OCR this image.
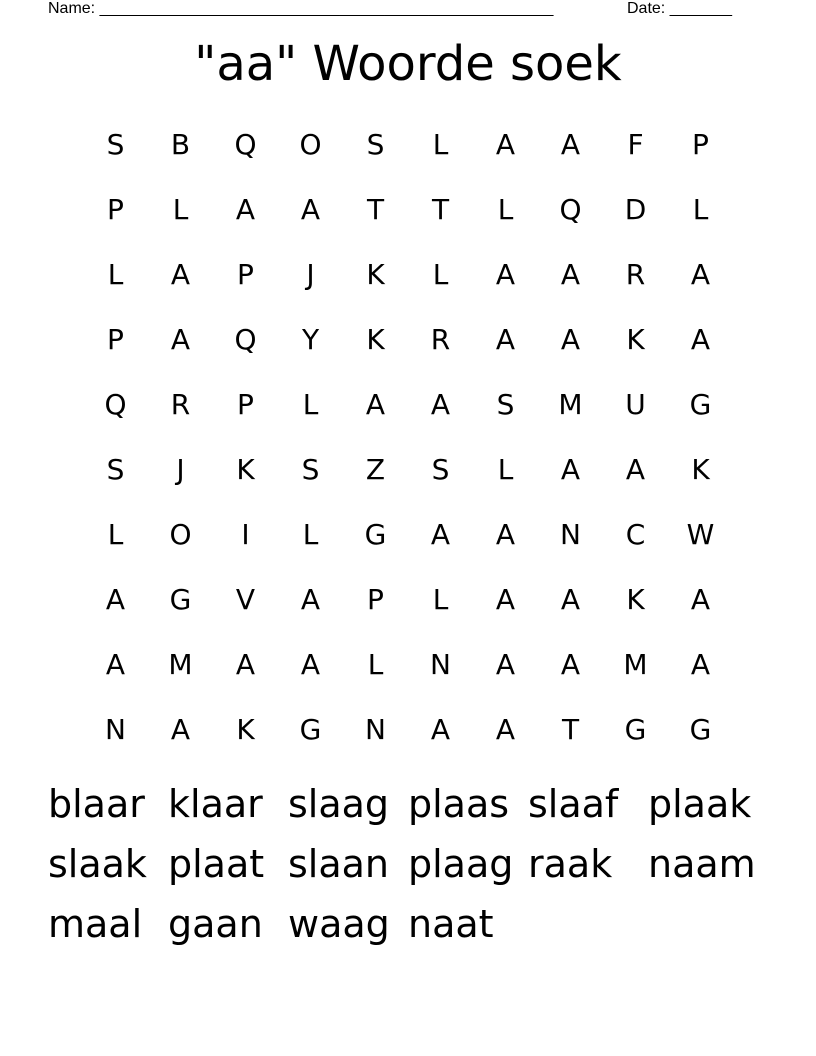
Name: ___________________________________________________	Date: _______
"aa" Woorde soek
S	B	Q	O	S	L	A	A	F	P
P	L	A	A	T	T	L	Q	D	L
L	A	P	J	K	L	A	A	R	A
P	A	Q	Y	K	R	A	A	K	A
Q	R	P	L	A	A	S	M	U	G
S	J	K	S	Z	S	L	A	A	K
L	O	I	L	G	A	A	N	C	W
A	G	V	A	P	L	A	A	K	A
A	M	A	A	L	N	A	A	M	A
N	A	K	G	N	A	A	T	G	G
blaar klaar slaag plaas slaaf plaak
slaak plaat slaan plaag raak naam
maal gaan waag naat
